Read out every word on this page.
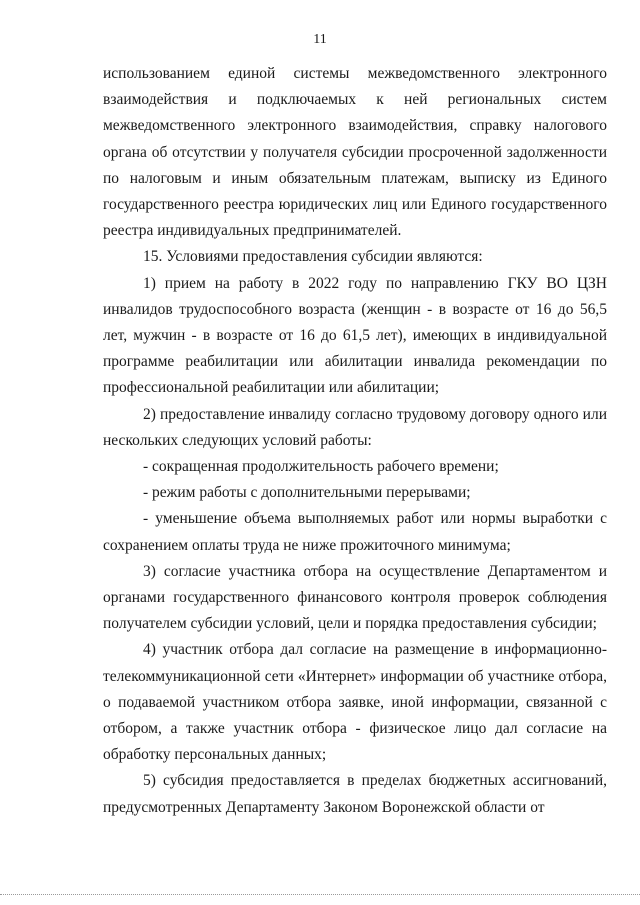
11

использованием единой системы межведомственного электронного взаимодействия и подключаемых к ней региональных систем межведомственного электронного взаимодействия, справку налогового органа об отсутствии у получателя субсидии просроченной задолженности по налоговым и иным обязательным платежам, выписку из Единого государственного реестра юридических лиц или Единого государственного реестра индивидуальных предпринимателей.

15. Условиями предоставления субсидии являются:

1) прием на работу в 2022 году по направлению ГКУ ВО ЦЗН инвалидов трудоспособного возраста (женщин - в возрасте от 16 до 56,5 лет, мужчин - в возрасте от 16 до 61,5 лет), имеющих в индивидуальной программе реабилитации или абилитации инвалида рекомендации по профессиональной реабилитации или абилитации;

2) предоставление инвалиду согласно трудовому договору одного или нескольких следующих условий работы:

- сокращенная продолжительность рабочего времени;

- режим работы с дополнительными перерывами;

- уменьшение объема выполняемых работ или нормы выработки с сохранением оплаты труда не ниже прожиточного минимума;

3) согласие участника отбора на осуществление Департаментом и органами государственного финансового контроля проверок соблюдения получателем субсидии условий, цели и порядка предоставления субсидии;

4) участник отбора дал согласие на размещение в информационно-телекоммуникационной сети «Интернет» информации об участнике отбора, о подаваемой участником отбора заявке, иной информации, связанной с отбором, а также участник отбора - физическое лицо дал согласие на обработку персональных данных;

5) субсидия предоставляется в пределах бюджетных ассигнований, предусмотренных Департаменту Законом Воронежской области от
